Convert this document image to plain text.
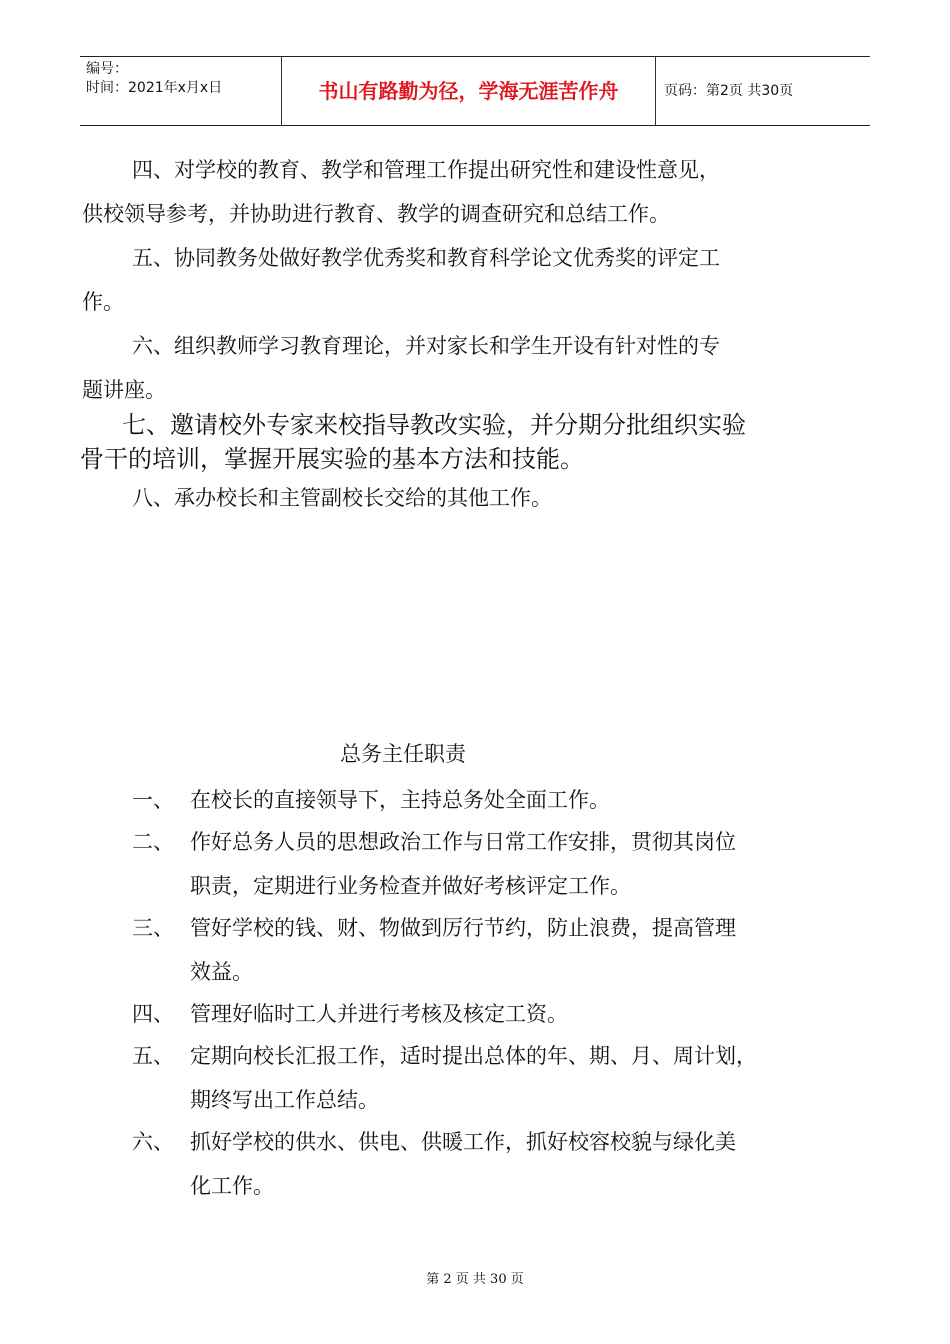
编号：
时间：2021年x月x日	书山有路勤为径，学海无涯苦作舟	页码：第2页 共30页
四、对学校的教育、教学和管理工作提出研究性和建设性意见，
供校领导参考，并协助进行教育、教学的调查研究和总结工作。
五、协同教务处做好教学优秀奖和教育科学论文优秀奖的评定工
作。
六、组织教师学习教育理论，并对家长和学生开设有针对性的专
题讲座。
七、邀请校外专家来校指导教改实验，并分期分批组织实验
骨干的培训，掌握开展实验的基本方法和技能。
八、承办校长和主管副校长交给的其他工作。
总务主任职责
一、 在校长的直接领导下，主持总务处全面工作。
二、 作好总务人员的思想政治工作与日常工作安排，贯彻其岗位
职责，定期进行业务检查并做好考核评定工作。
三、 管好学校的钱、财、物做到厉行节约，防止浪费，提高管理
效益。
四、 管理好临时工人并进行考核及核定工资。
五、 定期向校长汇报工作，适时提出总体的年、期、月、周计划，
期终写出工作总结。
六、 抓好学校的供水、供电、供暖工作，抓好校容校貌与绿化美
化工作。
第 2 页 共 30 页
